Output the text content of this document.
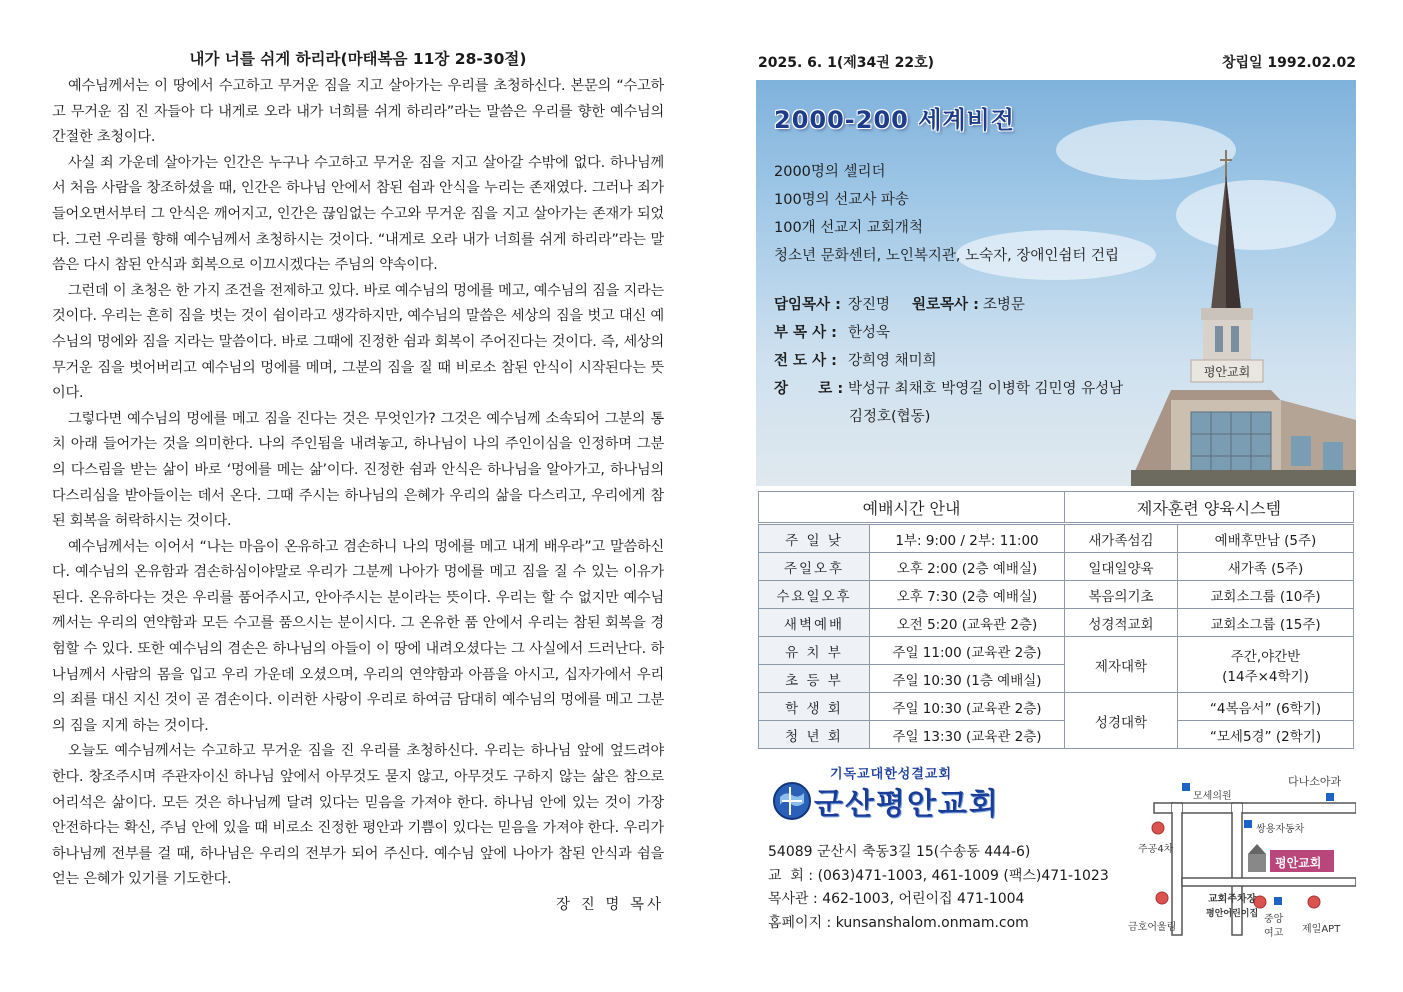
내가 너를 쉬게 하리라(마태복음 11장 28-30절)

예수님께서는 이 땅에서 수고하고 무거운 짐을 지고 살아가는 우리를 초청하신다. 본문의 “수고하고 무거운 짐 진 자들아 다 내게로 오라 내가 너희를 쉬게 하리라”라는 말씀은 우리를 향한 예수님의 간절한 초청이다.

사실 죄 가운데 살아가는 인간은 누구나 수고하고 무거운 짐을 지고 살아갈 수밖에 없다. 하나님께서 처음 사람을 창조하셨을 때, 인간은 하나님 안에서 참된 쉼과 안식을 누리는 존재였다. 그러나 죄가 들어오면서부터 그 안식은 깨어지고, 인간은 끊임없는 수고와 무거운 짐을 지고 살아가는 존재가 되었다. 그런 우리를 향해 예수님께서 초청하시는 것이다. “내게로 오라 내가 너희를 쉬게 하리라”라는 말씀은 다시 참된 안식과 회복으로 이끄시겠다는 주님의 약속이다.

그런데 이 초청은 한 가지 조건을 전제하고 있다. 바로 예수님의 멍에를 메고, 예수님의 짐을 지라는 것이다. 우리는 흔히 짐을 벗는 것이 쉼이라고 생각하지만, 예수님의 말씀은 세상의 짐을 벗고 대신 예수님의 멍에와 짐을 지라는 말씀이다. 바로 그때에 진정한 쉼과 회복이 주어진다는 것이다. 즉, 세상의 무거운 짐을 벗어버리고 예수님의 멍에를 메며, 그분의 짐을 질 때 비로소 참된 안식이 시작된다는 뜻이다.

그렇다면 예수님의 멍에를 메고 짐을 진다는 것은 무엇인가? 그것은 예수님께 소속되어 그분의 통치 아래 들어가는 것을 의미한다. 나의 주인됨을 내려놓고, 하나님이 나의 주인이심을 인정하며 그분의 다스림을 받는 삶이 바로 ‘멍에를 메는 삶’이다. 진정한 쉼과 안식은 하나님을 알아가고, 하나님의 다스리심을 받아들이는 데서 온다. 그때 주시는 하나님의 은혜가 우리의 삶을 다스리고, 우리에게 참된 회복을 허락하시는 것이다.

예수님께서는 이어서 “나는 마음이 온유하고 겸손하니 나의 멍에를 메고 내게 배우라”고 말씀하신다. 예수님의 온유함과 겸손하심이야말로 우리가 그분께 나아가 멍에를 메고 짐을 질 수 있는 이유가 된다. 온유하다는 것은 우리를 품어주시고, 안아주시는 분이라는 뜻이다. 우리는 할 수 없지만 예수님께서는 우리의 연약함과 모든 수고를 품으시는 분이시다. 그 온유한 품 안에서 우리는 참된 회복을 경험할 수 있다. 또한 예수님의 겸손은 하나님의 아들이 이 땅에 내려오셨다는 그 사실에서 드러난다. 하나님께서 사람의 몸을 입고 우리 가운데 오셨으며, 우리의 연약함과 아픔을 아시고, 십자가에서 우리의 죄를 대신 지신 것이 곧 겸손이다. 이러한 사랑이 우리로 하여금 담대히 예수님의 멍에를 메고 그분의 짐을 지게 하는 것이다.

오늘도 예수님께서는 수고하고 무거운 짐을 진 우리를 초청하신다. 우리는 하나님 앞에 엎드려야 한다. 창조주시며 주관자이신 하나님 앞에서 아무것도 묻지 않고, 아무것도 구하지 않는 삶은 참으로 어리석은 삶이다. 모든 것은 하나님께 달려 있다는 믿음을 가져야 한다. 하나님 안에 있는 것이 가장 안전하다는 확신, 주님 안에 있을 때 비로소 진정한 평안과 기쁨이 있다는 믿음을 가져야 한다. 우리가 하나님께 전부를 걸 때, 하나님은 우리의 전부가 되어 주신다. 예수님 앞에 나아가 참된 안식과 쉼을 얻는 은혜가 있기를 기도한다.

장 진 명 목사
2025. 6. 1(제34권 22호)	창립일 1992.02.02
2000-200 세계비전
2000명의 셀리더
100명의 선교사 파송
100개 선교지 교회개척
청소년 문화센터, 노인복지관, 노숙자, 장애인쉼터 건립
담임목사 : 장진명 원로목사 : 조병문
부 목 사 : 한성욱
전 도 사 : 강희영 채미희
장      로 : 박성규 최채호 박영길 이병학 김민영 유성남
김정호(협동)
평안교회
예배시간 안내		제자훈련 양육시스템	
주 일 낮	1부: 9:00 / 2부: 11:00	새가족섬김	예배후만남 (5주)
주일오후	오후 2:00 (2층 예배실)	일대일양육	새가족 (5주)
수요일오후	오후 7:30 (2층 예배실)	복음의기초	교회소그룹 (10주)
새벽예배	오전 5:20 (교육관 2층)	성경적교회	교회소그룹 (15주)
유 치 부	주일 11:00 (교육관 2층)	제자대학	주간,야간반
(14주×4학기)

초 등 부	주일 10:30 (1층 예배실)		
학 생 회	주일 10:30 (교육관 2층)	성경대학	“4복음서” (6학기)
청 년 회	주일 13:30 (교육관 2층)		“모세5경” (2학기)
기독교대한성결교회
군산평안교회
54089 군산시 축동3길 15(수송동 444-6)
교  회 : (063)471-1003, 461-1009 (팩스)471-1023
목사관 : 462-1003, 어린이집 471-1004
홈페이지 : kunsanshalom.onmam.com
모세의원
다나소아과
쌍용자동차
주공4차
평안교회
교회주차장
평안어린이집 중앙
여고
금호어울림	제일APT
